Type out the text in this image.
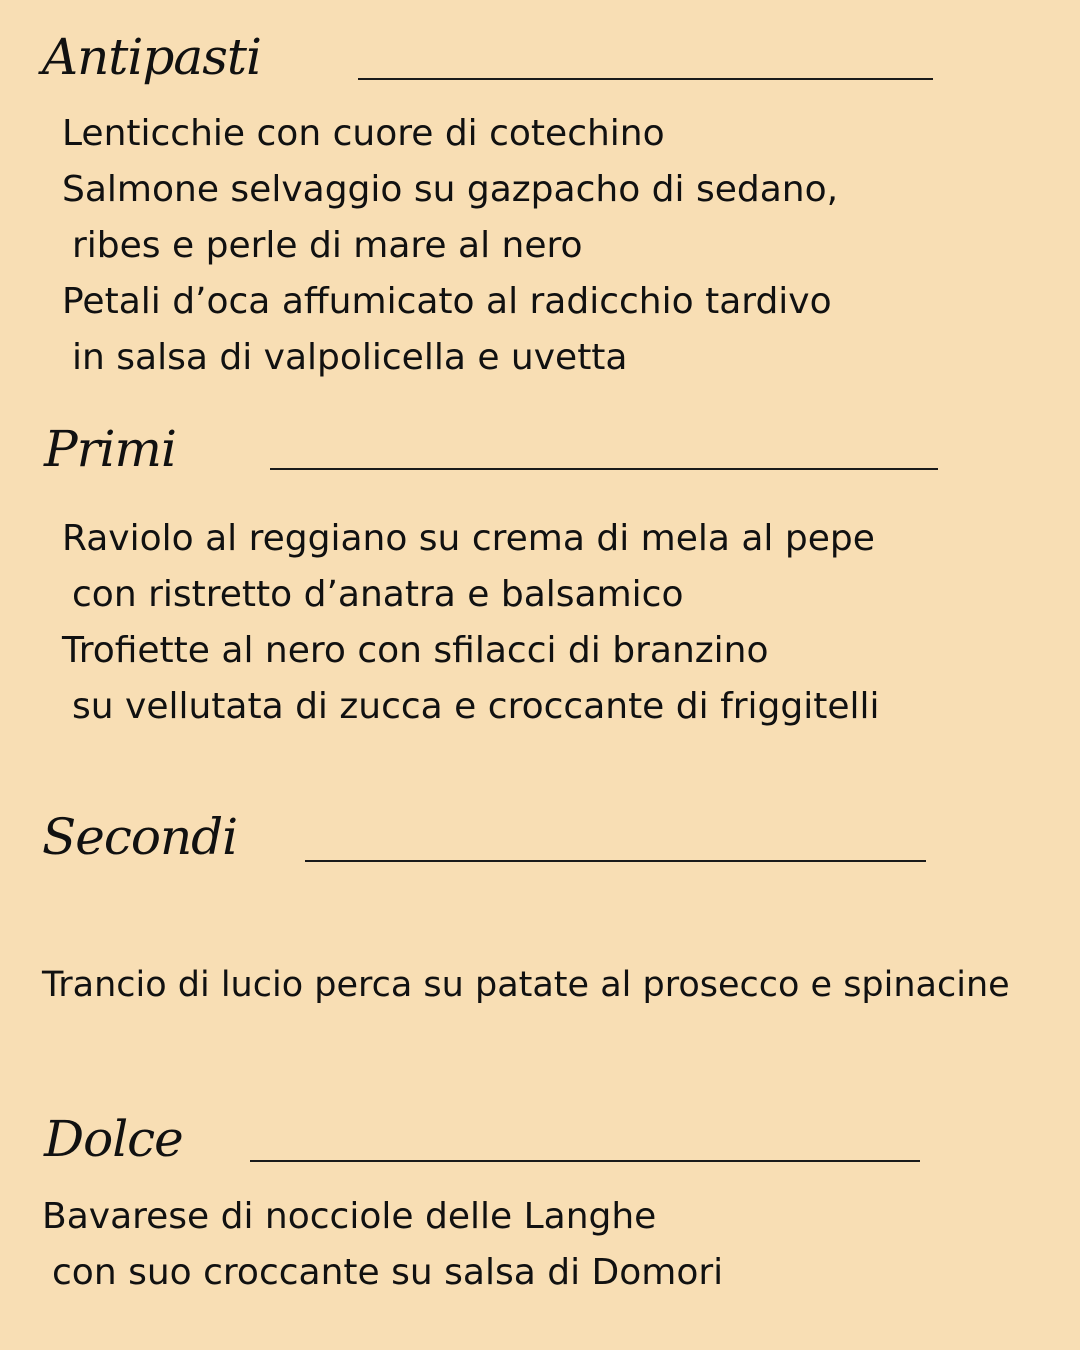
Antipasti

Lenticchie con cuore di cotechino

Salmone selvaggio su gazpacho di sedano,

ribes e perle di mare al nero

Petali d’oca affumicato al radicchio tardivo

in salsa di valpolicella e uvetta

Primi

Raviolo al reggiano su crema di mela al pepe

con ristretto d’anatra e balsamico

Trofiette al nero con sfilacci di branzino

su vellutata di zucca e croccante di friggitelli

Secondi

Trancio di lucio perca su patate al prosecco e spinacine

Dolce

Bavarese di nocciole delle Langhe

con suo croccante su salsa di Domori
